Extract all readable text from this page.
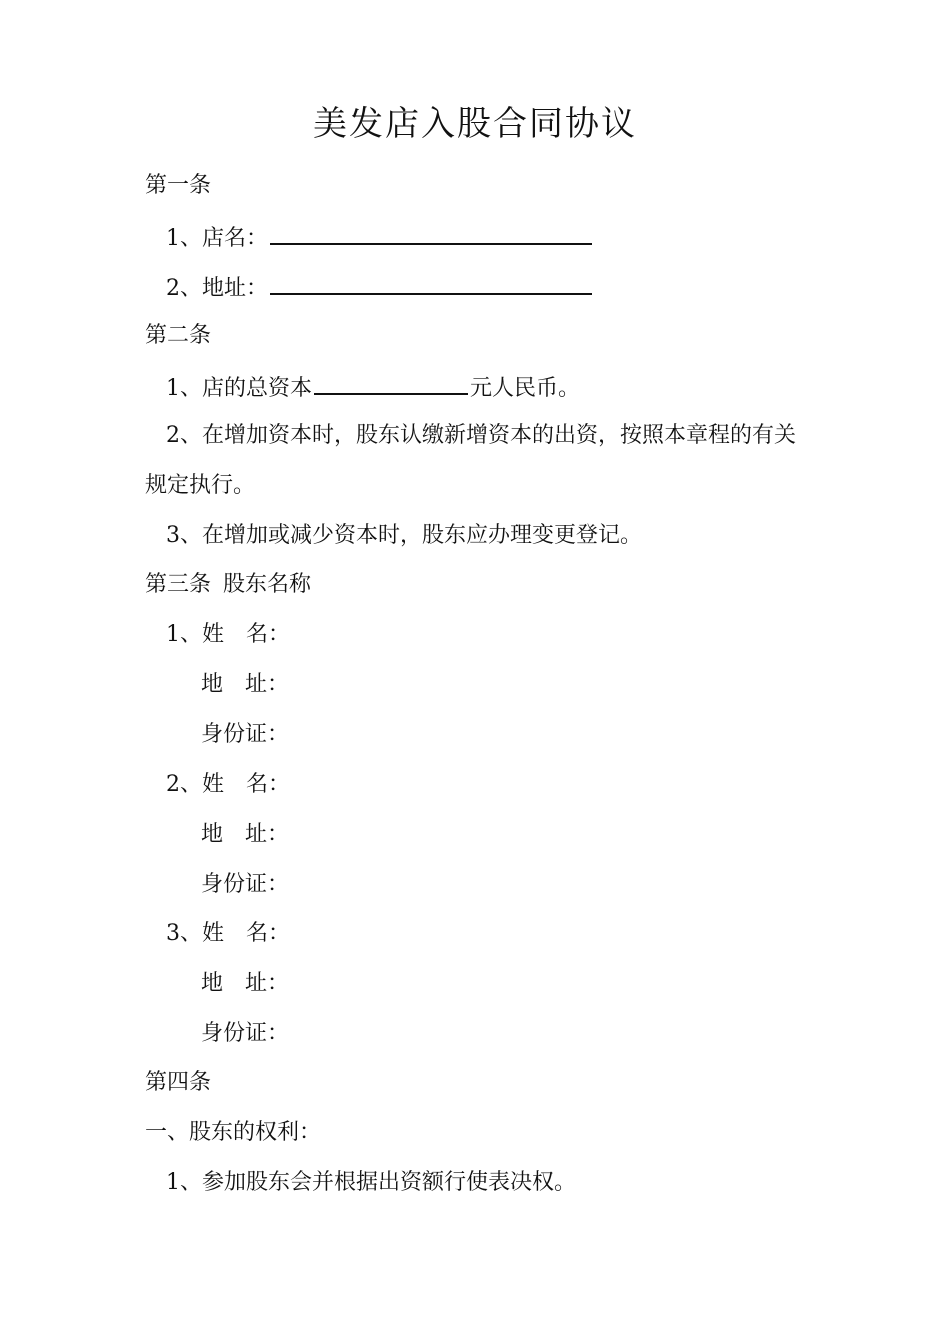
美发店入股合同协议
第一条
1、店名：
2、地址：
第二条
1、店的总资本	元人民币。
2、在增加资本时，股东认缴新增资本的出资，按照本章程的有关
规定执行。
3、在增加或减少资本时，股东应办理变更登记。
第三条 股东名称
1、姓 名：
地 址：
身份证：
2、姓 名：
地 址：
身份证：
3、姓 名：
地 址：
身份证：
第四条
一、股东的权利：
1、参加股东会并根据出资额行使表决权。
